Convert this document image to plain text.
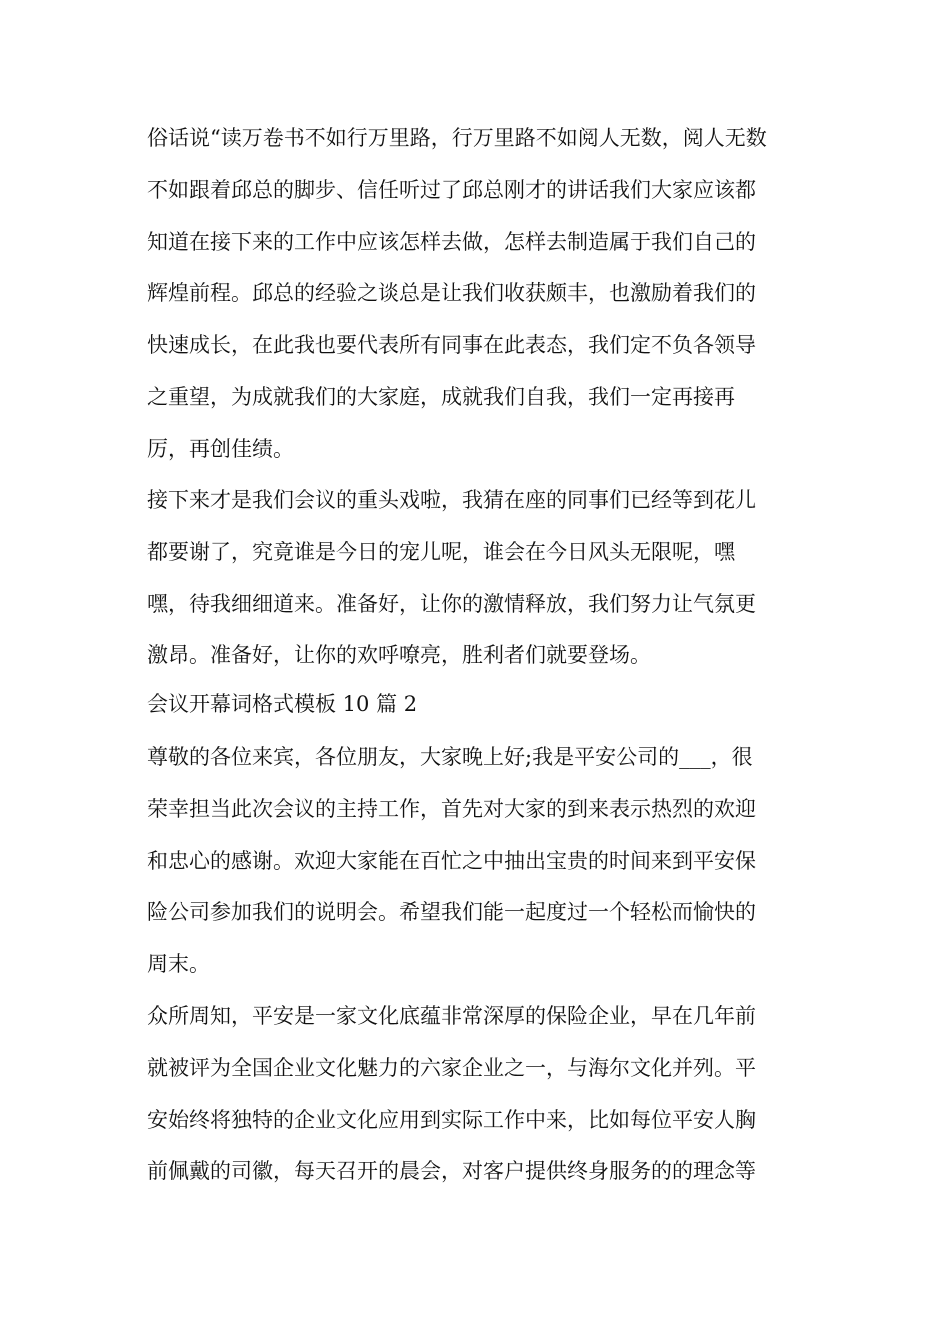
俗话说“读万卷书不如行万里路，行万里路不如阅人无数，阅人无数

不如跟着邱总的脚步、信任听过了邱总刚才的讲话我们大家应该都

知道在接下来的工作中应该怎样去做，怎样去制造属于我们自己的

辉煌前程。邱总的经验之谈总是让我们收获颇丰，也激励着我们的

快速成长，在此我也要代表所有同事在此表态，我们定不负各领导

之重望，为成就我们的大家庭，成就我们自我，我们一定再接再

厉，再创佳绩。

接下来才是我们会议的重头戏啦，我猜在座的同事们已经等到花儿

都要谢了，究竟谁是今日的宠儿呢，谁会在今日风头无限呢，嘿

嘿，待我细细道来。准备好，让你的激情释放，我们努力让气氛更

激昂。准备好，让你的欢呼嘹亮，胜利者们就要登场。

会议开幕词格式模板 10 篇 2

尊敬的各位来宾，各位朋友，大家晚上好;我是平安公司的___，很

荣幸担当此次会议的主持工作，首先对大家的到来表示热烈的欢迎

和忠心的感谢。欢迎大家能在百忙之中抽出宝贵的时间来到平安保

险公司参加我们的说明会。希望我们能一起度过一个轻松而愉快的

周末。

众所周知，平安是一家文化底蕴非常深厚的保险企业，早在几年前

就被评为全国企业文化魅力的六家企业之一，与海尔文化并列。平

安始终将独特的企业文化应用到实际工作中来，比如每位平安人胸

前佩戴的司徽，每天召开的晨会，对客户提供终身服务的的理念等
